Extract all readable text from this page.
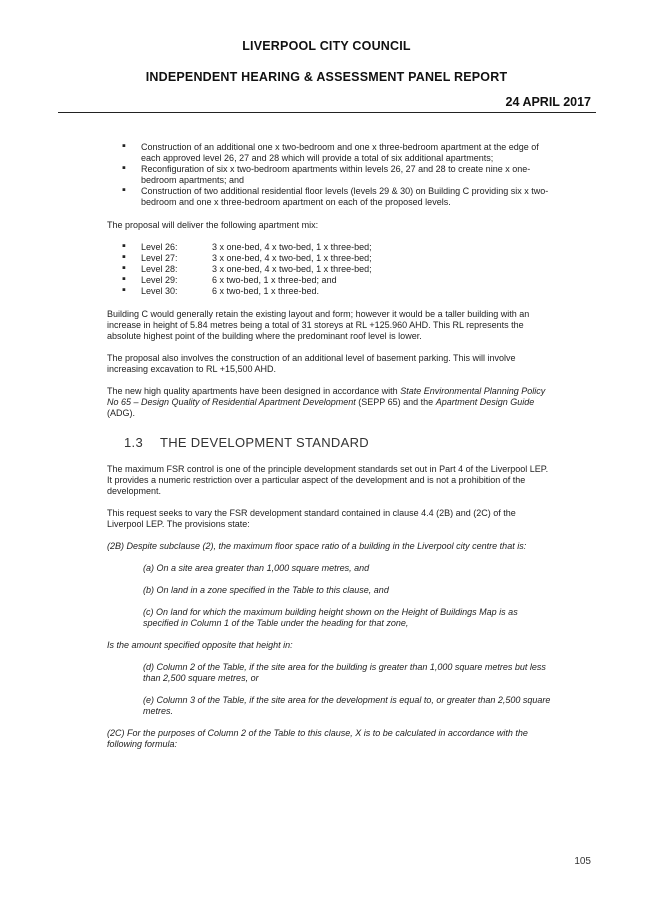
LIVERPOOL CITY COUNCIL
INDEPENDENT HEARING & ASSESSMENT PANEL REPORT
24 APRIL 2017
▪ Construction of an additional one x two-bedroom and one x three-bedroom apartment at the edge of each approved level 26, 27 and 28 which will provide a total of six additional apartments;
▪ Reconfiguration of six x two-bedroom apartments within levels 26, 27 and 28 to create nine x one-bedroom apartments; and
▪ Construction of two additional residential floor levels (levels 29 & 30) on Building C providing six x two-bedroom and one x three-bedroom apartment on each of the proposed levels.

The proposal will deliver the following apartment mix:

▪ Level 26:	3 x one-bed, 4 x two-bed, 1 x three-bed;
▪ Level 27:	3 x one-bed, 4 x two-bed, 1 x three-bed;
▪ Level 28:	3 x one-bed, 4 x two-bed, 1 x three-bed;
▪ Level 29:	6 x two-bed, 1 x three-bed; and
▪ Level 30:	6 x two-bed, 1 x three-bed.

Building C would generally retain the existing layout and form; however it would be a taller building with an increase in height of 5.84 metres being a total of 31 storeys at RL +125.960 AHD. This RL represents the absolute highest point of the building where the predominant roof level is lower.

The proposal also involves the construction of an additional level of basement parking. This will involve increasing excavation to RL +15,500 AHD.

The new high quality apartments have been designed in accordance with State Environmental Planning Policy No 65 – Design Quality of Residential Apartment Development (SEPP 65) and the Apartment Design Guide (ADG).

1.3 THE DEVELOPMENT STANDARD

The maximum FSR control is one of the principle development standards set out in Part 4 of the Liverpool LEP. It provides a numeric restriction over a particular aspect of the development and is not a prohibition of the development.

This request seeks to vary the FSR development standard contained in clause 4.4 (2B) and (2C) of the Liverpool LEP. The provisions state:

(2B) Despite subclause (2), the maximum floor space ratio of a building in the Liverpool city centre that is:

(a) On a site area greater than 1,000 square metres, and

(b) On land in a zone specified in the Table to this clause, and

(c) On land for which the maximum building height shown on the Height of Buildings Map is as specified in Column 1 of the Table under the heading for that zone,

Is the amount specified opposite that height in:

(d) Column 2 of the Table, if the site area for the building is greater than 1,000 square metres but less than 2,500 square metres, or

(e) Column 3 of the Table, if the site area for the development is equal to, or greater than 2,500 square metres.

(2C) For the purposes of Column 2 of the Table to this clause, X is to be calculated in accordance with the following formula:

105
